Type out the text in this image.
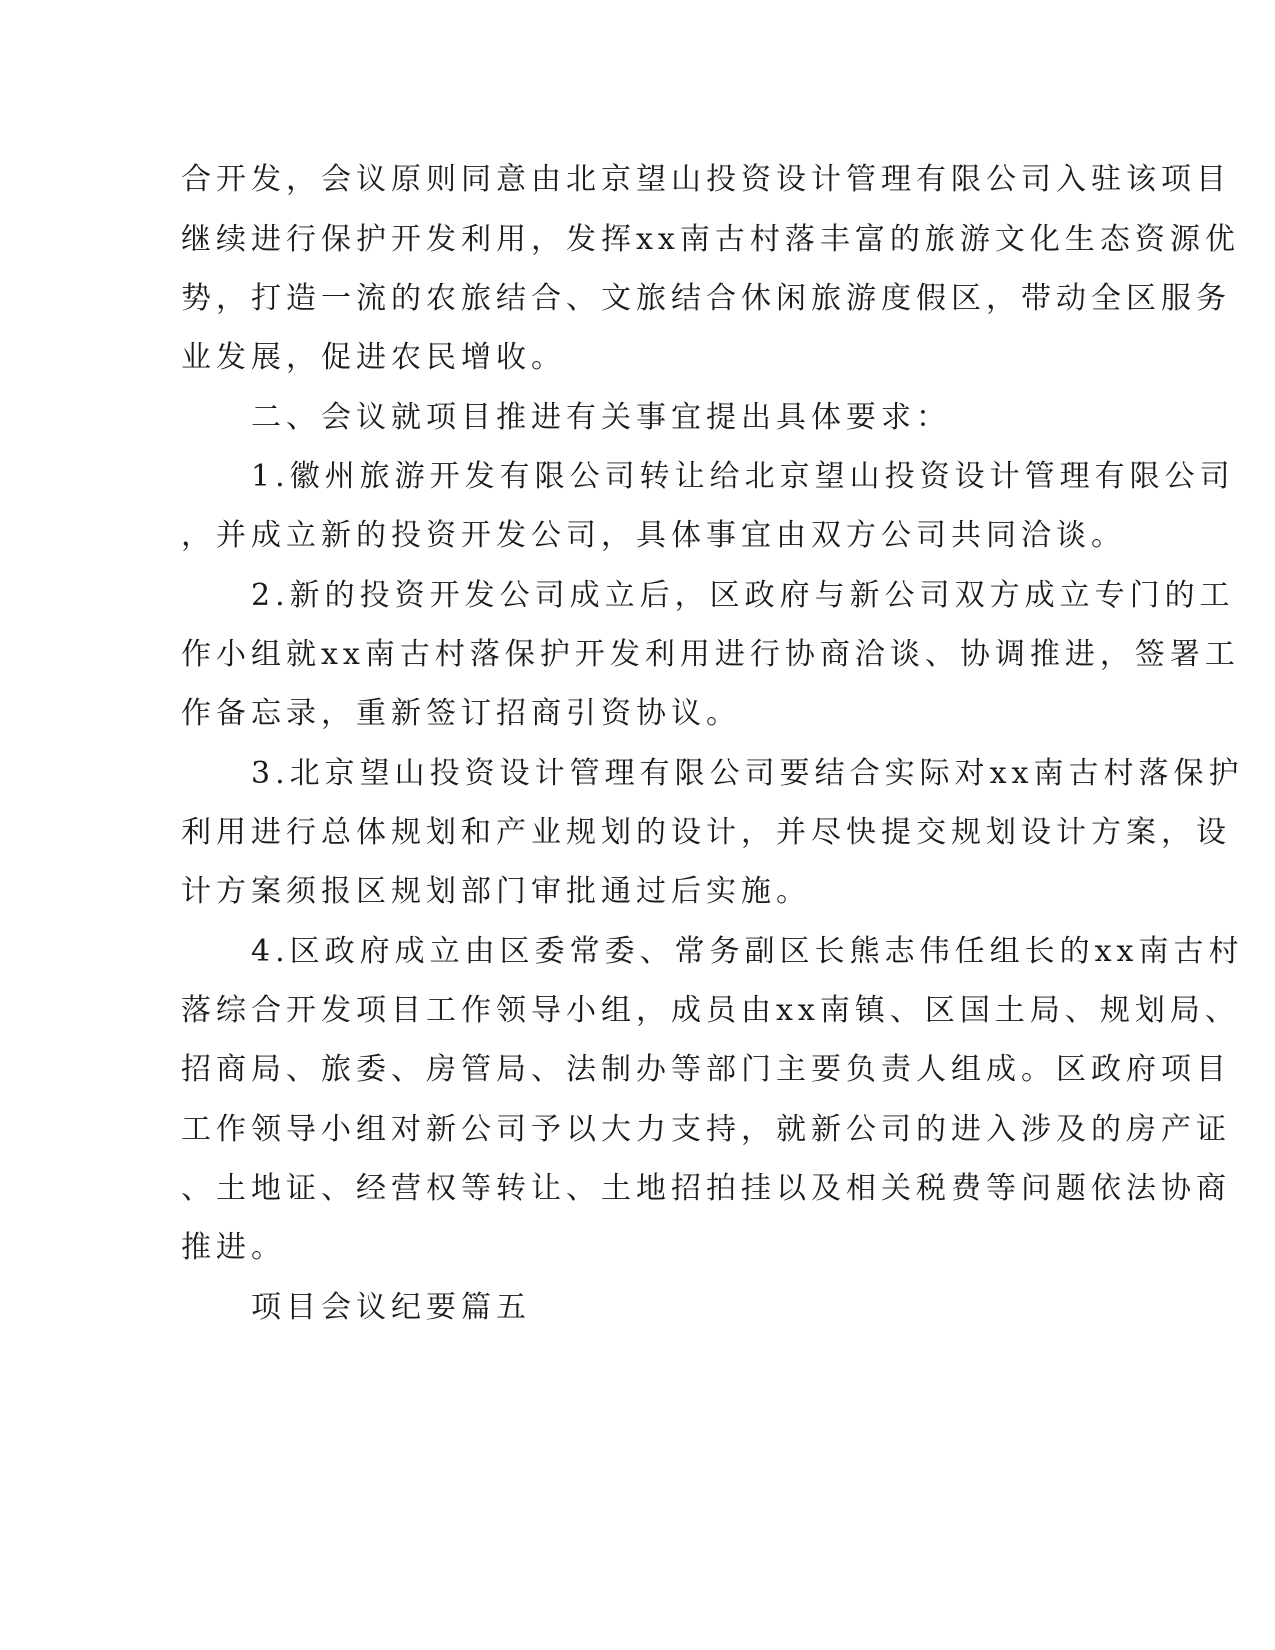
合开发，会议原则同意由北京望山投资设计管理有限公司入驻该项目
继续进行保护开发利用，发挥xx南古村落丰富的旅游文化生态资源优
势，打造一流的农旅结合、文旅结合休闲旅游度假区，带动全区服务
业发展，促进农民增收。
二、会议就项目推进有关事宜提出具体要求：
1.徽州旅游开发有限公司转让给北京望山投资设计管理有限公司
，并成立新的投资开发公司，具体事宜由双方公司共同洽谈。
2.新的投资开发公司成立后，区政府与新公司双方成立专门的工
作小组就xx南古村落保护开发利用进行协商洽谈、协调推进，签署工
作备忘录，重新签订招商引资协议。
3.北京望山投资设计管理有限公司要结合实际对xx南古村落保护
利用进行总体规划和产业规划的设计，并尽快提交规划设计方案，设
计方案须报区规划部门审批通过后实施。
4.区政府成立由区委常委、常务副区长熊志伟任组长的xx南古村
落综合开发项目工作领导小组，成员由xx南镇、区国土局、规划局、
招商局、旅委、房管局、法制办等部门主要负责人组成。区政府项目
工作领导小组对新公司予以大力支持，就新公司的进入涉及的房产证
、土地证、经营权等转让、土地招拍挂以及相关税费等问题依法协商
推进。
项目会议纪要篇五
